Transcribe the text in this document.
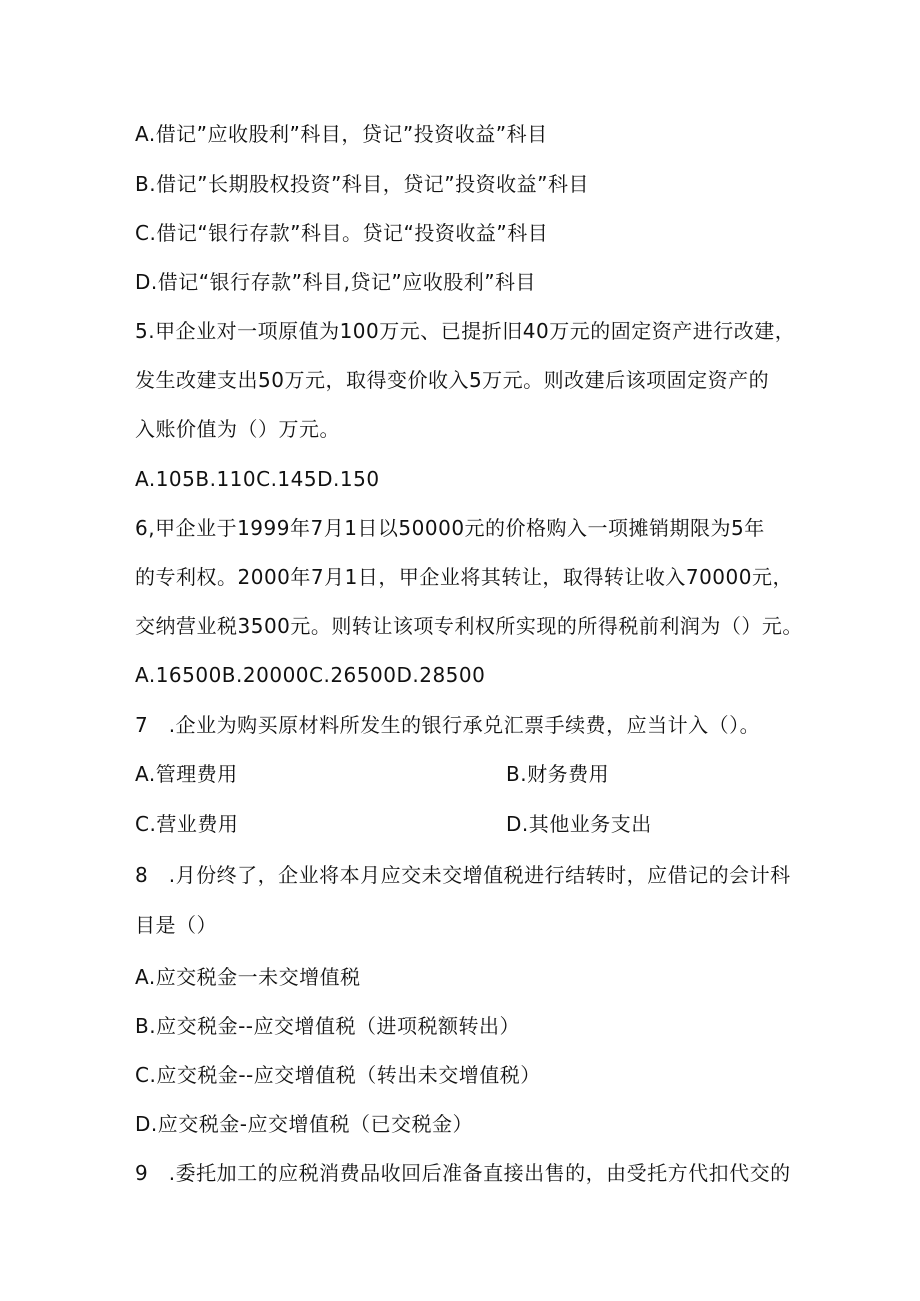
A.借记”应收股利”科目，贷记”投资收益”科目
B.借记”长期股权投资”科目，贷记”投资收益”科目
C.借记“银行存款”科目。贷记“投资收益”科目
D.借记“银行存款”科目,贷记”应收股利”科目
5.甲企业对一项原值为100万元、已提折旧40万元的固定资产进行改建，
发生改建支出50万元，取得变价收入5万元。则改建后该项固定资产的
入账价值为（）万元。
A.105B.110C.145D.150
6,甲企业于1999年7月1日以50000元的价格购入一项摊销期限为5年
的专利权。2000年7月1日，甲企业将其转让，取得转让收入70000元，
交纳营业税3500元。则转让该项专利权所实现的所得税前利润为（）元。
A.16500B.20000C.26500D.28500
7　.企业为购买原材料所发生的银行承兑汇票手续费，应当计入（）。
A.管理费用	B.财务费用
C.营业费用	D.其他业务支出
8　.月份终了，企业将本月应交未交增值税进行结转时，应借记的会计科
目是（）
A.应交税金一未交增值税
B.应交税金--应交增值税（进项税额转出）
C.应交税金--应交增值税（转出未交增值税）
D.应交税金-应交增值税（已交税金）
9　.委托加工的应税消费品收回后准备直接出售的，由受托方代扣代交的
